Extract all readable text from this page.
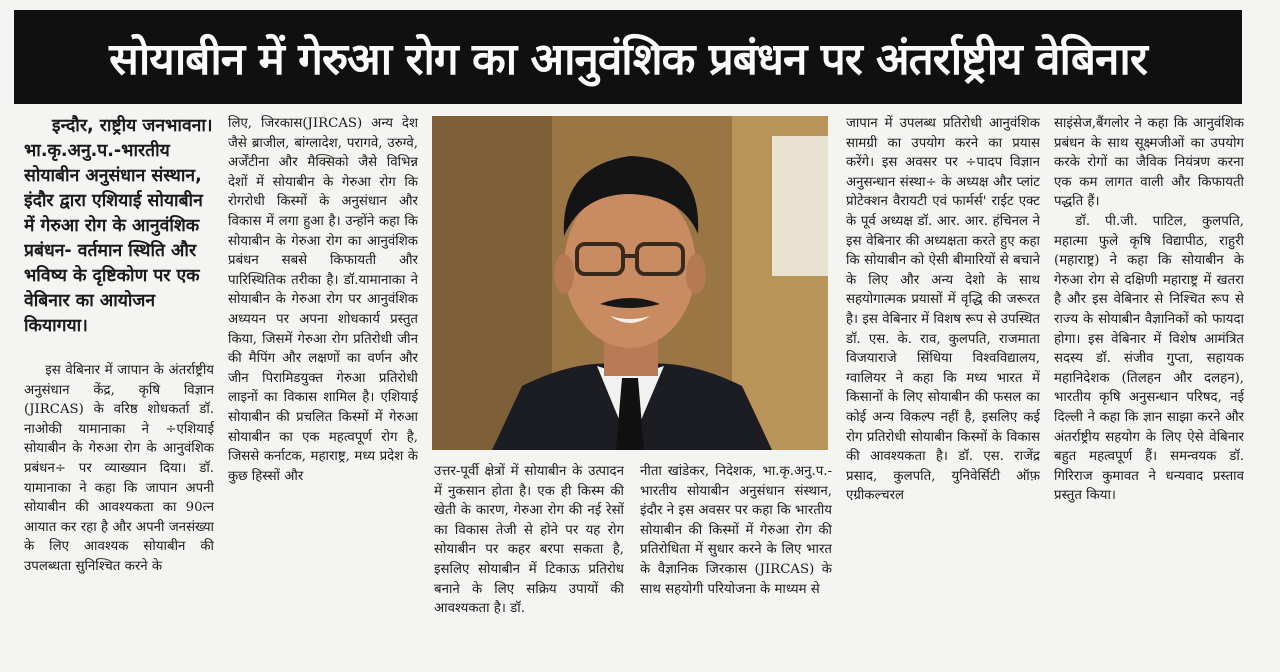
सोयाबीन में गेरुआ रोग का आनुवंशिक प्रबंधन पर अंतर्राष्ट्रीय वेबिनार

इन्दौर, राष्ट्रीय जनभावना। भा.कृ.अनु.प.-भारतीय सोयाबीन अनुसंधान संस्थान, इंदौर द्वारा एशियाई सोयाबीन में गेरुआ रोग के आनुवंशिक प्रबंधन- वर्तमान स्थिति और भविष्य के दृष्टिकोण पर एक वेबिनार का आयोजन कियागया।

इस वेबिनार में जापान के अंतर्राष्ट्रीय अनुसंधान केंद्र, कृषि विज्ञान (JIRCAS) के वरिष्ठ शोधकर्ता डॉ. नाओकी यामानाका ने ÷एशियाई सोयाबीन के गेरुआ रोग के आनुवंशिक प्रबंधन÷ पर व्याख्यान दिया। डॉ. यामानाका ने कहा कि जापान अपनी सोयाबीन की आवश्यकता का 90त्न आयात कर रहा है और अपनी जनसंख्या के लिए आवश्यक सोयाबीन की उपलब्धता सुनिश्चित करने के

लिए, जिरकास(JIRCAS) अन्य देश जैसे ब्राजील, बांग्लादेश, परागवे, उरुग्वे, अर्जेंटीना और मैक्सिको जैसे विभिन्न देशों में सोयाबीन के गेरुआ रोग कि रोगरोधी किस्मों के अनुसंधान और विकास में लगा हुआ है। उन्होंने कहा कि सोयाबीन के गेरुआ रोग का आनुवंशिक प्रबंधन सबसे किफायती और पारिस्थितिक तरीका है। डॉ.यामानाका ने सोयाबीन के गेरुआ रोग पर आनुवंशिक अध्ययन पर अपना शोधकार्य प्रस्तुत किया, जिसमें गेरुआ रोग प्रतिरोधी जीन की मैपिंग और लक्षणों का वर्णन और जीन पिरामिडयुक्त गेरुआ प्रतिरोधी लाइनों का विकास शामिल है। एशियाई सोयाबीन की प्रचलित किस्मों में गेरुआ सोयाबीन का एक महत्वपूर्ण रोग है, जिससे कर्नाटक, महाराष्ट्र, मध्य प्रदेश के कुछ हिस्सों और	उत्तर-पूर्वी क्षेत्रों में सोयाबीन के उत्पादन में नुकसान होता है। एक ही किस्म की खेती के कारण, गेरुआ रोग की नई रेसों का विकास तेजी से होने पर यह रोग सोयाबीन पर कहर बरपा सकता है, इसलिए सोयाबीन में टिकाऊ प्रतिरोध बनाने के लिए सक्रिय उपायों की आवश्यकता है। डॉ.

नीता खांडेकर, निदेशक, भा.कृ.अनु.प.-भारतीय सोयाबीन अनुसंधान संस्थान, इंदौर ने इस अवसर पर कहा कि भारतीय सोयाबीन की किस्मों में गेरुआ रोग की प्रतिरोधिता में सुधार करने के लिए भारत के वैज्ञानिक जिरकास (JIRCAS) के साथ सहयोगी परियोजना के माध्यम से

जापान में उपलब्ध प्रतिरोधी आनुवंशिक सामग्री का उपयोग करने का प्रयास करेंगे। इस अवसर पर ÷पादप विज्ञान अनुसन्धान संस्था÷ के अध्यक्ष और प्लांट प्रोटेक्शन वैरायटी एवं फार्मर्स' राईट एक्ट के पूर्व अध्यक्ष डॉ. आर. आर. हंचिनल ने इस वेबिनार की अध्यक्षता करते हुए कहा कि सोयाबीन को ऐसी बीमारियों से बचाने के लिए और अन्य देशो के साथ सहयोगात्मक प्रयासों में वृद्धि की जरूरत है। इस वेबिनार में विशष रूप से उपस्थित डॉ. एस. के. राव, कुलपति, राजमाता विजयाराजे सिंधिया विश्वविद्यालय, ग्वालियर ने कहा कि मध्य भारत में किसानों के लिए सोयाबीन की फसल का कोई अन्य विकल्प नहीं है, इसलिए कई रोग प्रतिरोधी सोयाबीन किस्मों के विकास की आवश्यकता है। डॉ. एस. राजेंद्र प्रसाद, कुलपति, युनिवेर्सिटी ऑफ़ एग्रीकल्चरल

साइंसेज,बैंगलोर ने कहा कि आनुवंशिक प्रबंधन के साथ सूक्ष्मजीओं का उपयोग करके रोगों का जैविक नियंत्रण करना एक कम लागत वाली और किफायती पद्धति हैं।

डॉ. पी.जी. पाटिल, कुलपति, महात्मा फुले कृषि विद्यापीठ, राहुरी (महाराष्ट्र) ने कहा कि सोयाबीन के गेरुआ रोग से दक्षिणी महाराष्ट्र में खतरा है और इस वेबिनार से निश्चित रूप से राज्य के सोयाबीन वैज्ञानिकों को फायदा होगा। इस वेबिनार में विशेष आमंत्रित सदस्य डॉ. संजीव गुप्ता, सहायक महानिदेशक (तिलहन और दलहन), भारतीय कृषि अनुसन्धान परिषद, नई दिल्ली ने कहा कि ज्ञान साझा करने और अंतर्राष्ट्रीय सहयोग के लिए ऐसे वेबिनार बहुत महत्वपूर्ण हैं। समन्वयक डॉ. गिरिराज कुमावत ने धन्यवाद प्रस्ताव प्रस्तुत किया।
